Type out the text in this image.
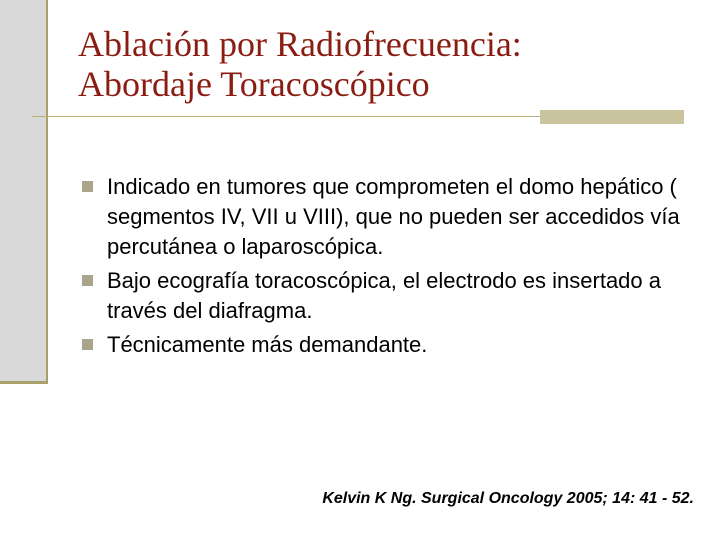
Ablación por Radiofrecuencia:
Abordaje Toracoscópico
Indicado en tumores que comprometen el domo hepático ( segmentos IV, VII u VIII), que no pueden ser accedidos vía percutánea o laparoscópica.
Bajo ecografía toracoscópica, el electrodo es insertado a través del diafragma.
Técnicamente más demandante.
Kelvin K Ng. Surgical Oncology 2005; 14: 41 - 52.
